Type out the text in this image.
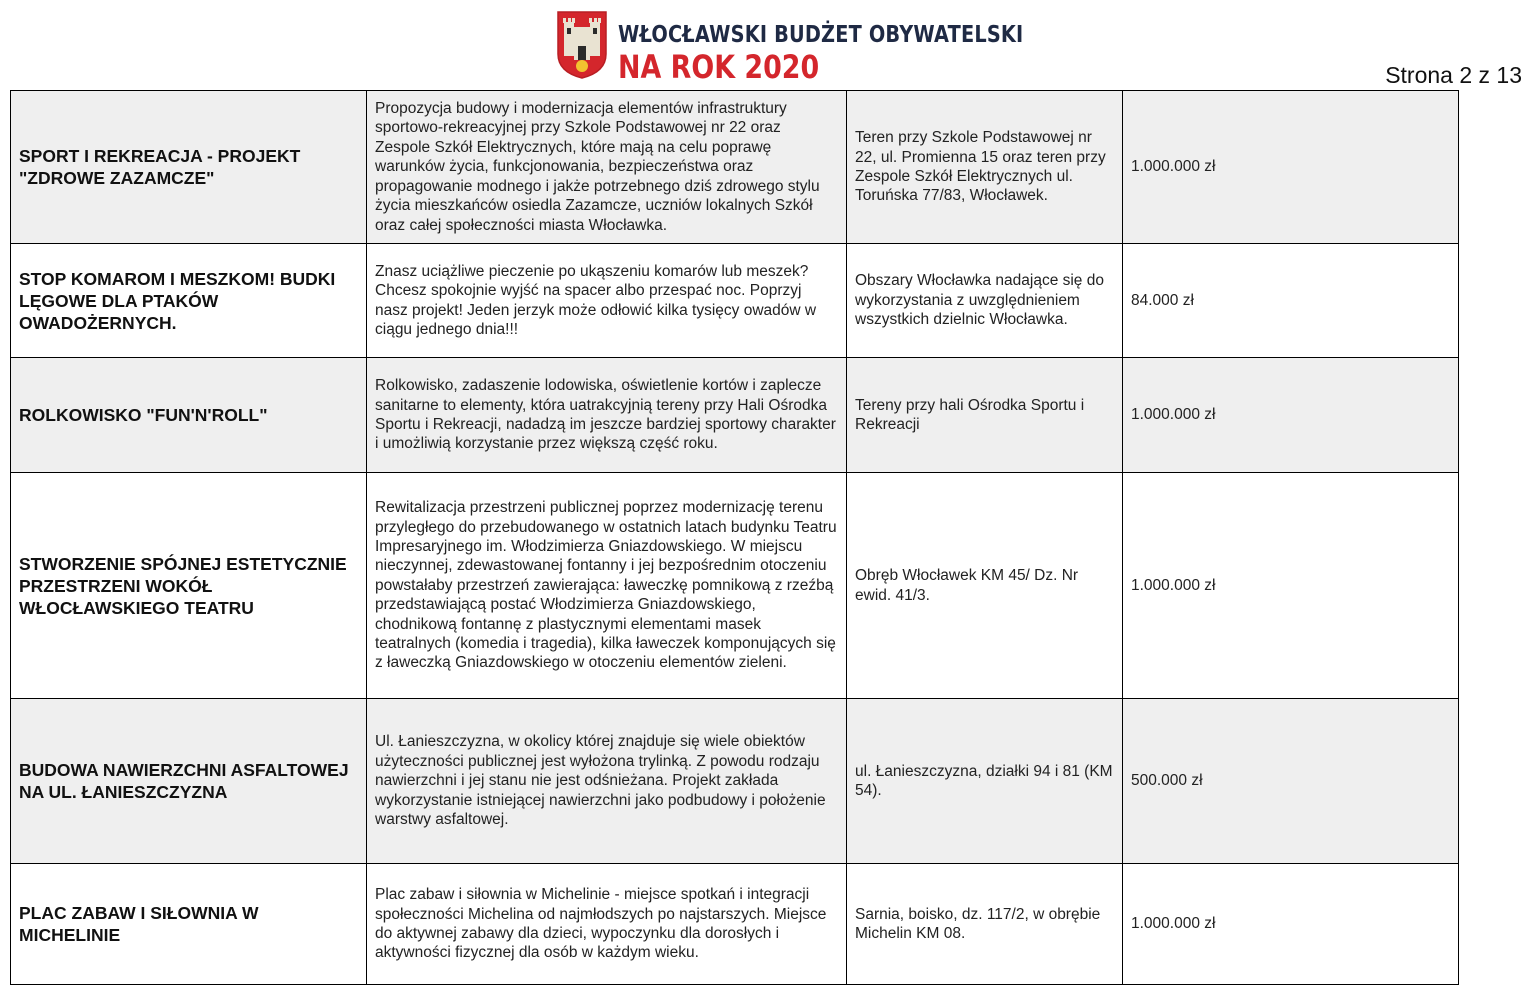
WŁOCŁAWSKI BUDŻET OBYWATELSKI
NA ROK 2020	Strona 2 z 13
SPORT I REKREACJA - PROJEKT "ZDROWE ZAZAMCZE"	Propozycja budowy i modernizacja elementów infrastruktury sportowo-rekreacyjnej przy Szkole Podstawowej nr 22 oraz Zespole Szkół Elektrycznych, które mają na celu poprawę warunków życia, funkcjonowania, bezpieczeństwa oraz propagowanie modnego i jakże potrzebnego dziś zdrowego stylu życia mieszkańców osiedla Zazamcze, uczniów lokalnych Szkół oraz całej społeczności miasta Włocławka.	Teren przy Szkole Podstawowej nr 22, ul. Promienna 15 oraz teren przy Zespole Szkół Elektrycznych ul. Toruńska 77/83, Włocławek.	1.000.000 zł
STOP KOMAROM I MESZKOM! BUDKI LĘGOWE DLA PTAKÓW OWADOŻERNYCH.	Znasz uciążliwe pieczenie po ukąszeniu komarów lub meszek? Chcesz spokojnie wyjść na spacer albo przespać noc. Poprzyj nasz projekt! Jeden jerzyk może odłowić kilka tysięcy owadów w ciągu jednego dnia!!!	Obszary Włocławka nadające się do wykorzystania z uwzględnieniem wszystkich dzielnic Włocławka.	84.000 zł
ROLKOWISKO "FUN'N'ROLL"	Rolkowisko, zadaszenie lodowiska, oświetlenie kortów i zaplecze sanitarne to elementy, która uatrakcyjnią tereny przy Hali Ośrodka Sportu i Rekreacji, nadadzą im jeszcze bardziej sportowy charakter i umożliwią korzystanie przez większą część roku.	Tereny przy hali Ośrodka Sportu i Rekreacji	1.000.000 zł
STWORZENIE SPÓJNEJ ESTETYCZNIE PRZESTRZENI WOKÓŁ WŁOCŁAWSKIEGO TEATRU	Rewitalizacja przestrzeni publicznej poprzez modernizację terenu przyległego do przebudowanego w ostatnich latach budynku Teatru Impresaryjnego im. Włodzimierza Gniazdowskiego. W miejscu nieczynnej, zdewastowanej fontanny i jej bezpośrednim otoczeniu powstałaby przestrzeń zawierająca: ławeczkę pomnikową z rzeźbą przedstawiającą postać Włodzimierza Gniazdowskiego, chodnikową fontannę z plastycznymi elementami masek teatralnych (komedia i tragedia), kilka ławeczek komponujących się z ławeczką Gniazdowskiego w otoczeniu elementów zieleni.	Obręb Włocławek KM 45/ Dz. Nr ewid. 41/3.	1.000.000 zł
BUDOWA NAWIERZCHNI ASFALTOWEJ NA UL. ŁANIESZCZYZNA	Ul. Łanieszczyzna, w okolicy której znajduje się wiele obiektów użyteczności publicznej jest wyłożona trylinką. Z powodu rodzaju nawierzchni i jej stanu nie jest odśnieżana. Projekt zakłada wykorzystanie istniejącej nawierzchni jako podbudowy i położenie warstwy asfaltowej.	ul. Łanieszczyzna, działki 94 i 81 (KM 54).	500.000 zł
PLAC ZABAW I SIŁOWNIA W MICHELINIE	Plac zabaw i siłownia w Michelinie - miejsce spotkań i integracji społeczności Michelina od najmłodszych po najstarszych. Miejsce do aktywnej zabawy dla dzieci, wypoczynku dla dorosłych i aktywności fizycznej dla osób w każdym wieku.	Sarnia, boisko, dz. 117/2, w obrębie Michelin KM 08.	1.000.000 zł
